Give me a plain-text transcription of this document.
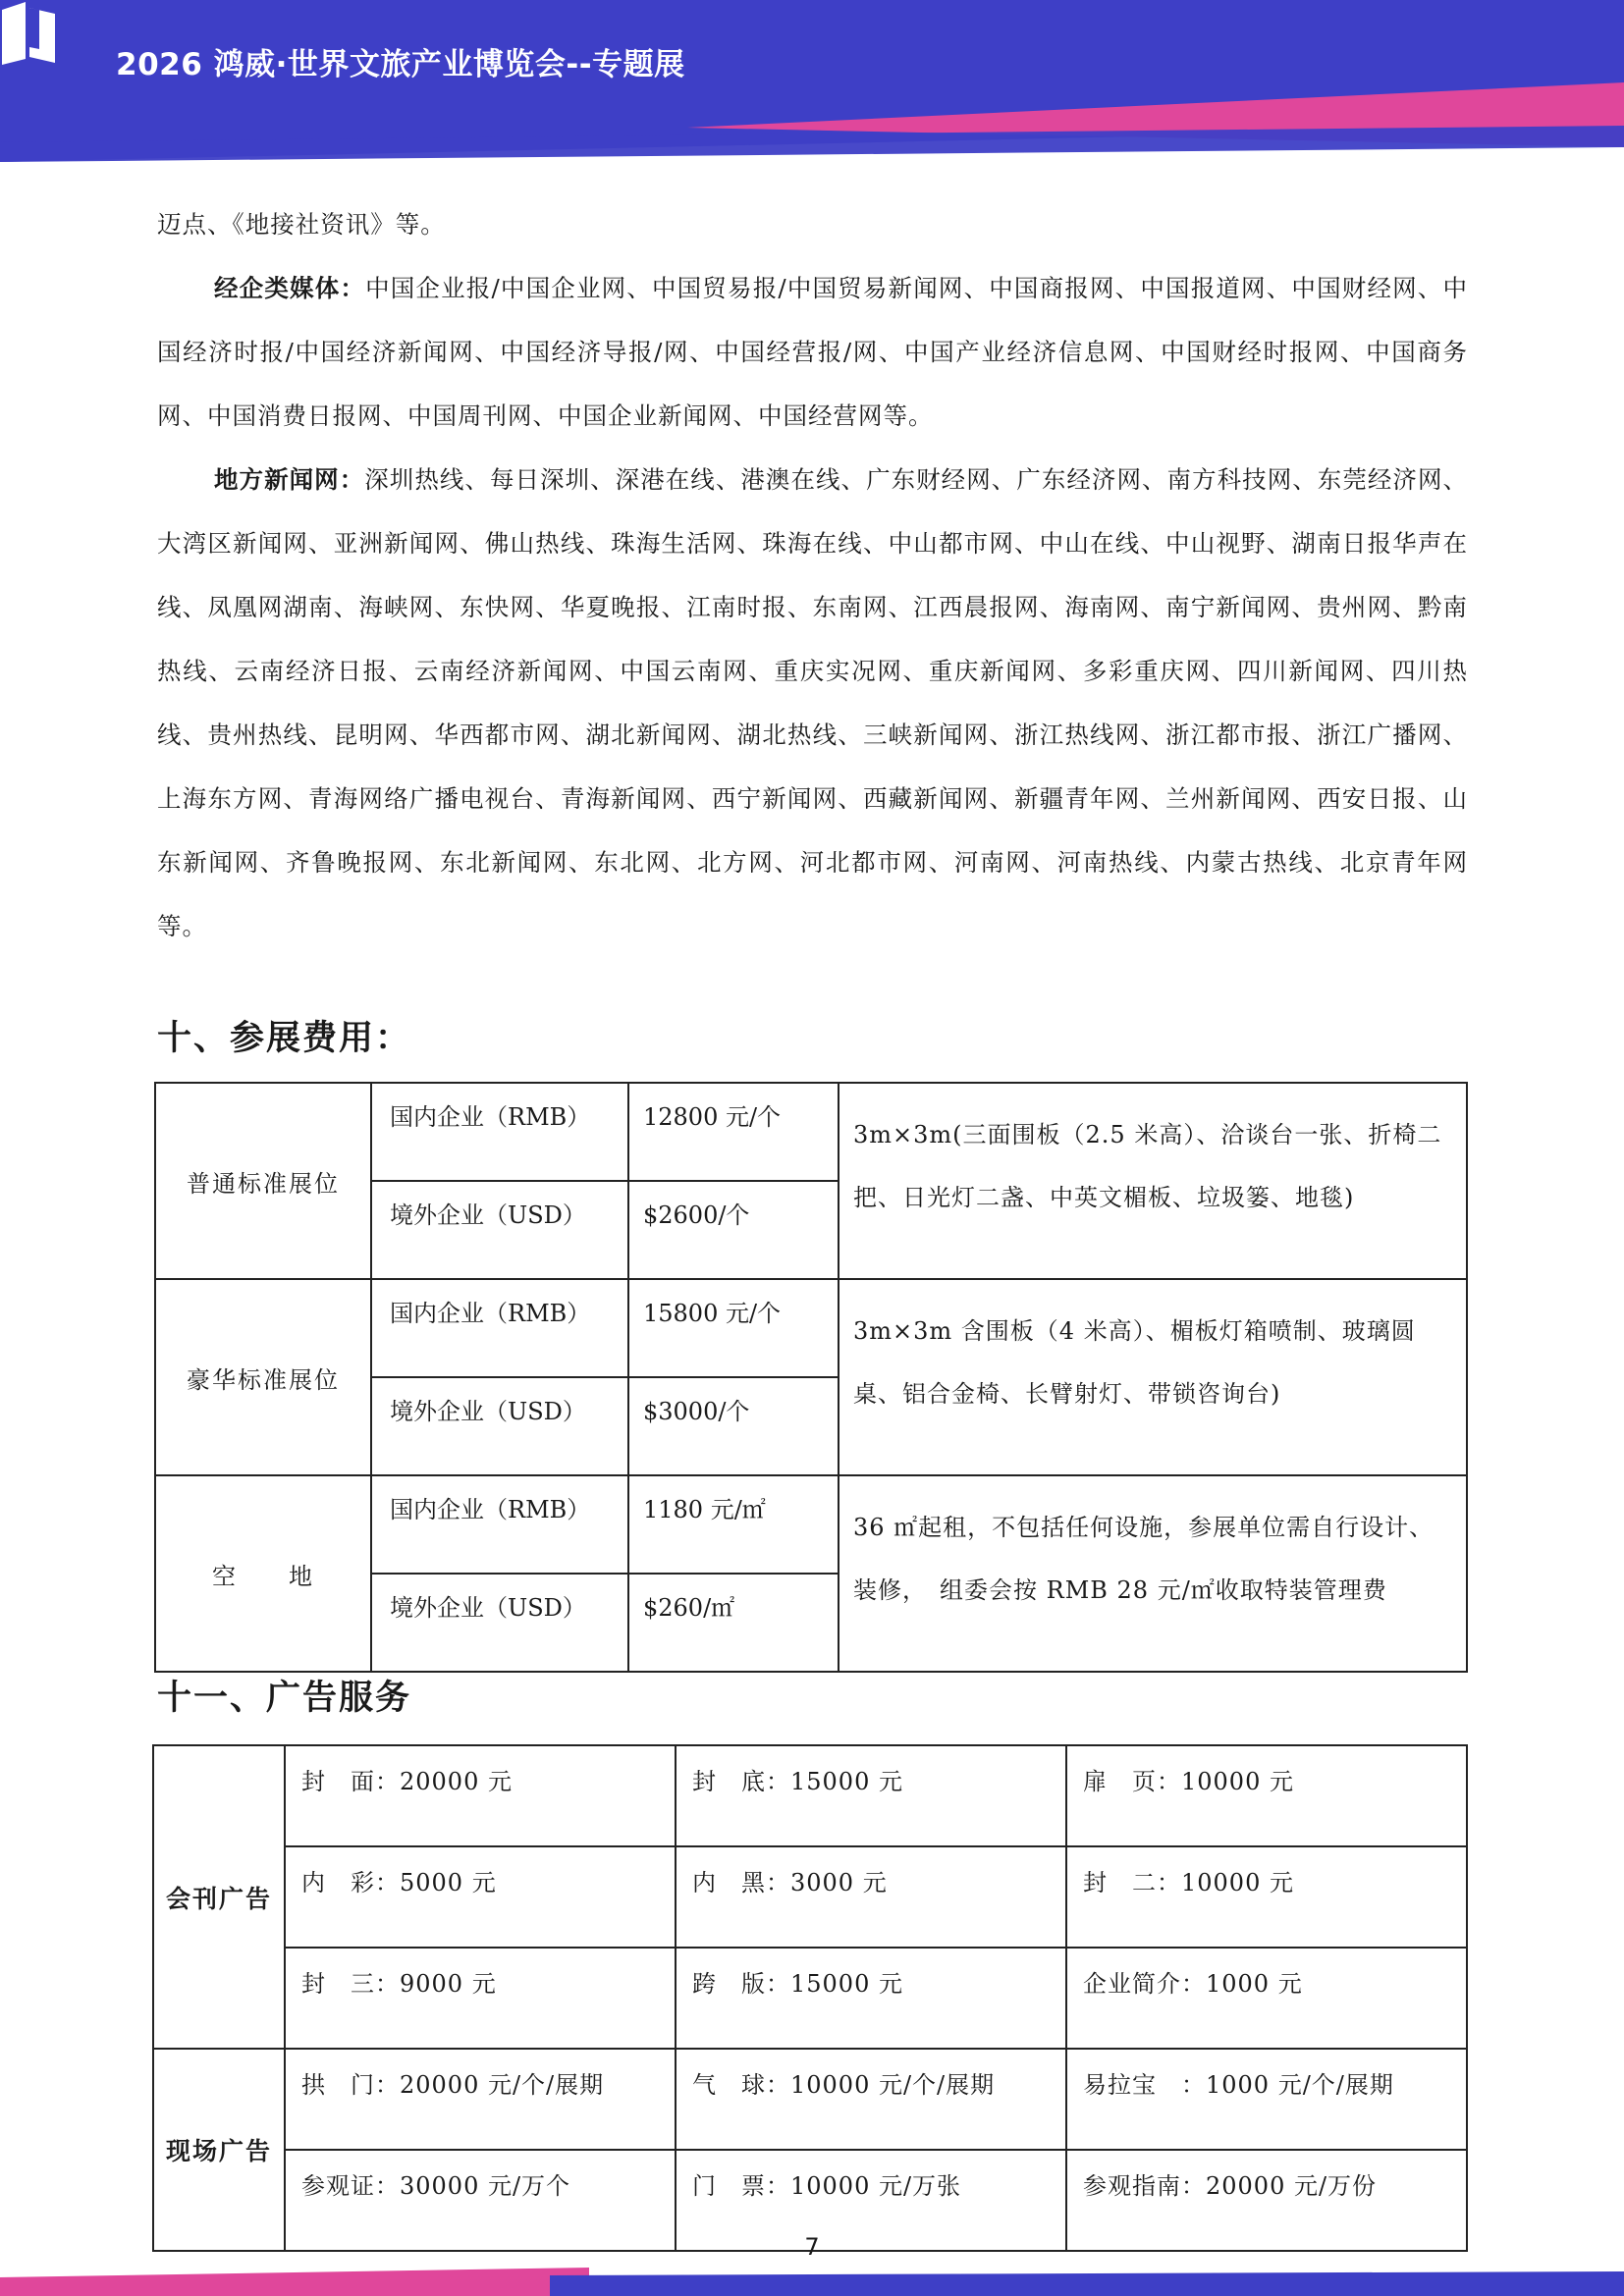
2026 鸿威·世界文旅产业博览会--专题展

迈点、《地接社资讯》等。

经企类媒体：中国企业报/中国企业网、中国贸易报/中国贸易新闻网、中国商报网、中国报道网、中国财经网、中国经济时报/中国经济新闻网、中国经济导报/网、中国经营报/网、中国产业经济信息网、中国财经时报网、中国商务网、中国消费日报网、中国周刊网、中国企业新闻网、中国经营网等。

地方新闻网：深圳热线、每日深圳、深港在线、港澳在线、广东财经网、广东经济网、南方科技网、东莞经济网、大湾区新闻网、亚洲新闻网、佛山热线、珠海生活网、珠海在线、中山都市网、中山在线、中山视野、湖南日报华声在线、凤凰网湖南、海峡网、东快网、华夏晚报、江南时报、东南网、江西晨报网、海南网、南宁新闻网、贵州网、黔南热线、云南经济日报、云南经济新闻网、中国云南网、重庆实况网、重庆新闻网、多彩重庆网、四川新闻网、四川热线、贵州热线、昆明网、华西都市网、湖北新闻网、湖北热线、三峡新闻网、浙江热线网、浙江都市报、浙江广播网、上海东方网、青海网络广播电视台、青海新闻网、西宁新闻网、西藏新闻网、新疆青年网、兰州新闻网、西安日报、山东新闻网、齐鲁晚报网、东北新闻网、东北网、北方网、河北都市网、河南网、河南热线、内蒙古热线、北京青年网等。

十、参展费用：
普通标准展位	国内企业（RMB）	12800 元/个	3m×3m(三面围板（2.5 米高）、洽谈台一张、折椅二把、日光灯二盏、中英文楣板、垃圾篓、地毯)
	境外企业（USD）	$2600/个	
豪华标准展位	国内企业（RMB）	15800 元/个	3m×3m 含围板（4 米高）、楣板灯箱喷制、玻璃圆桌、铝合金椅、长臂射灯、带锁咨询台)
	境外企业（USD）	$3000/个	
空　　地	国内企业（RMB）	1180 元/㎡	36 ㎡起租，不包括任何设施，参展单位需自行设计、装修，　组委会按 RMB 28 元/㎡收取特装管理费
	境外企业（USD）	$260/㎡	
十一、广告服务
会刊广告	封　面：20000 元	封　底：15000 元	扉　页：10000 元
	内　彩：5000 元	内　黑：3000 元	封　二：10000 元
	封　三：9000 元	跨　版：15000 元	企业简介：1000 元
现场广告	拱　门：20000 元/个/展期	气　球：10000 元/个/展期	易拉宝　：1000 元/个/展期
	参观证：30000 元/万个	门　票：10000 元/万张	参观指南：20000 元/万份
7
